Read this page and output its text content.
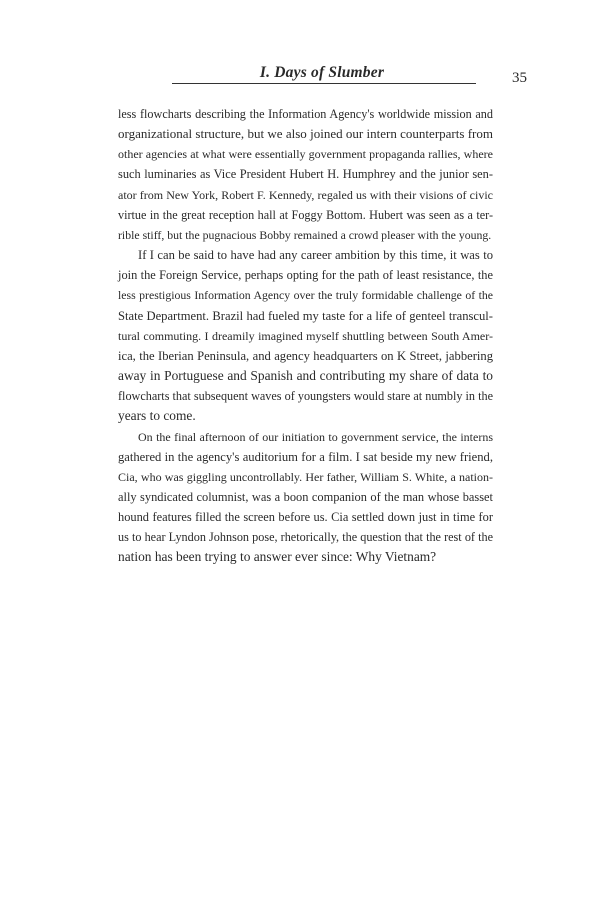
I. Days of Slumber	35

less flowcharts describing the Information Agency's worldwide mission and
organizational structure, but we also joined our intern counterparts from
other agencies at what were essentially government propaganda rallies, where
such luminaries as Vice President Hubert H. Humphrey and the junior sen-
ator from New York, Robert F. Kennedy, regaled us with their visions of civic
virtue in the great reception hall at Foggy Bottom. Hubert was seen as a ter-
rible stiff, but the pugnacious Bobby remained a crowd pleaser with the young.

If I can be said to have had any career ambition by this time, it was to
join the Foreign Service, perhaps opting for the path of least resistance, the
less prestigious Information Agency over the truly formidable challenge of the
State Department. Brazil had fueled my taste for a life of genteel transcul-
tural commuting. I dreamily imagined myself shuttling between South Amer-
ica, the Iberian Peninsula, and agency headquarters on K Street, jabbering
away in Portuguese and Spanish and contributing my share of data to
flowcharts that subsequent waves of youngsters would stare at numbly in the
years to come.

On the final afternoon of our initiation to government service, the interns
gathered in the agency's auditorium for a film. I sat beside my new friend,
Cia, who was giggling uncontrollably. Her father, William S. White, a nation-
ally syndicated columnist, was a boon companion of the man whose basset
hound features filled the screen before us. Cia settled down just in time for
us to hear Lyndon Johnson pose, rhetorically, the question that the rest of the
nation has been trying to answer ever since: Why Vietnam?
